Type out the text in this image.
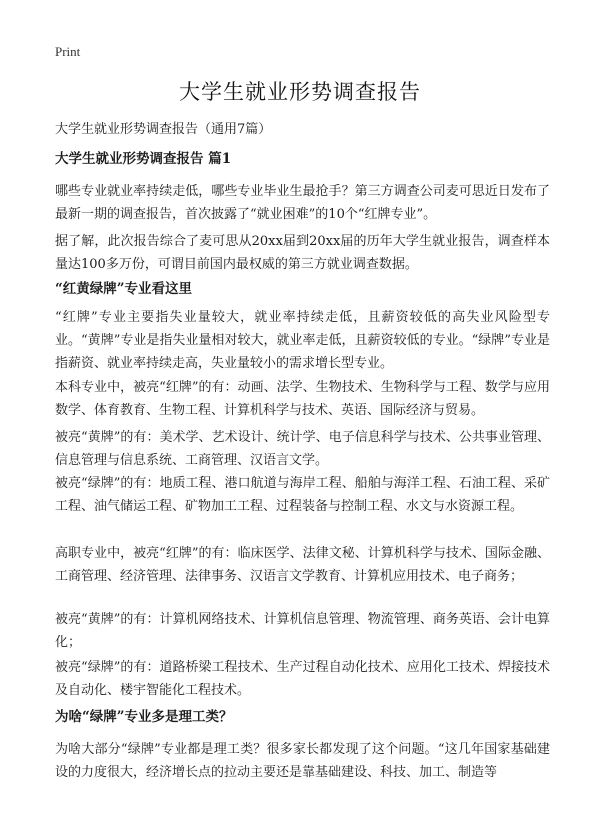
Print
大学生就业形势调查报告

大学生就业形势调查报告（通用7篇）

大学生就业形势调查报告 篇1

哪些专业就业率持续走低，哪些专业毕业生最抢手？第三方调查公司麦可思近日发布了最新一期的调查报告，首次披露了“就业困难”的10个“红牌专业”。

据了解，此次报告综合了麦可思从20xx届到20xx届的历年大学生就业报告，调查样本量达100多万份，可谓目前国内最权威的第三方就业调查数据。

“红黄绿牌”专业看这里

“红牌”专业主要指失业量较大，就业率持续走低，且薪资较低的高失业风险型专业。“黄牌”专业是指失业量相对较大，就业率走低，且薪资较低的专业。“绿牌”专业是指薪资、就业率持续走高，失业量较小的需求增长型专业。

本科专业中，被亮“红牌”的有：动画、法学、生物技术、生物科学与工程、数学与应用数学、体育教育、生物工程、计算机科学与技术、英语、国际经济与贸易。

被亮“黄牌”的有：美术学、艺术设计、统计学、电子信息科学与技术、公共事业管理、信息管理与信息系统、工商管理、汉语言文学。

被亮“绿牌”的有：地质工程、港口航道与海岸工程、船舶与海洋工程、石油工程、采矿工程、油气储运工程、矿物加工工程、过程装备与控制工程、水文与水资源工程。

高职专业中，被亮“红牌”的有：临床医学、法律文秘、计算机科学与技术、国际金融、工商管理、经济管理、法律事务、汉语言文学教育、计算机应用技术、电子商务；

被亮“黄牌”的有：计算机网络技术、计算机信息管理、物流管理、商务英语、会计电算化；

被亮“绿牌”的有：道路桥梁工程技术、生产过程自动化技术、应用化工技术、焊接技术及自动化、楼宇智能化工程技术。

为啥“绿牌”专业多是理工类？

为啥大部分“绿牌”专业都是理工类？很多家长都发现了这个问题。“这几年国家基础建设的力度很大，经济增长点的拉动主要还是靠基础建设、科技、加工、制造等
